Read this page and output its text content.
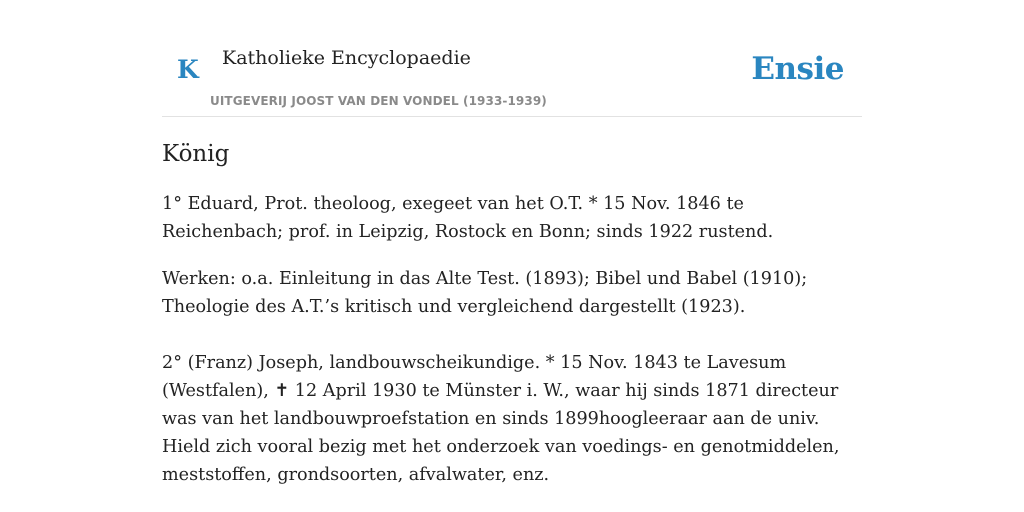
K Katholieke Encyclopaedie
UITGEVERIJ JOOST VAN DEN VONDEL (1933-1939)
Ensie
König

1° Eduard, Prot. theoloog, exegeet van het O.T. * 15 Nov. 1846 te Reichenbach; prof. in Leipzig, Rostock en Bonn; sinds 1922 rustend.

Werken: o.a. Einleitung in das Alte Test. (1893); Bibel und Babel (1910); Theologie des A.T.’s kritisch und vergleichend dargestellt (1923).

2° (Franz) Joseph, landbouwscheikundige. * 15 Nov. 1843 te Lavesum (Westfalen), ✝ 12 April 1930 te Münster i. W., waar hij sinds 1871 directeur was van het landbouwproefstation en sinds 1899hoogleeraar aan de univ. Hield zich vooral bezig met het onderzoek van voedings- en genotmiddelen, meststoffen, grondsoorten, afvalwater, enz.
